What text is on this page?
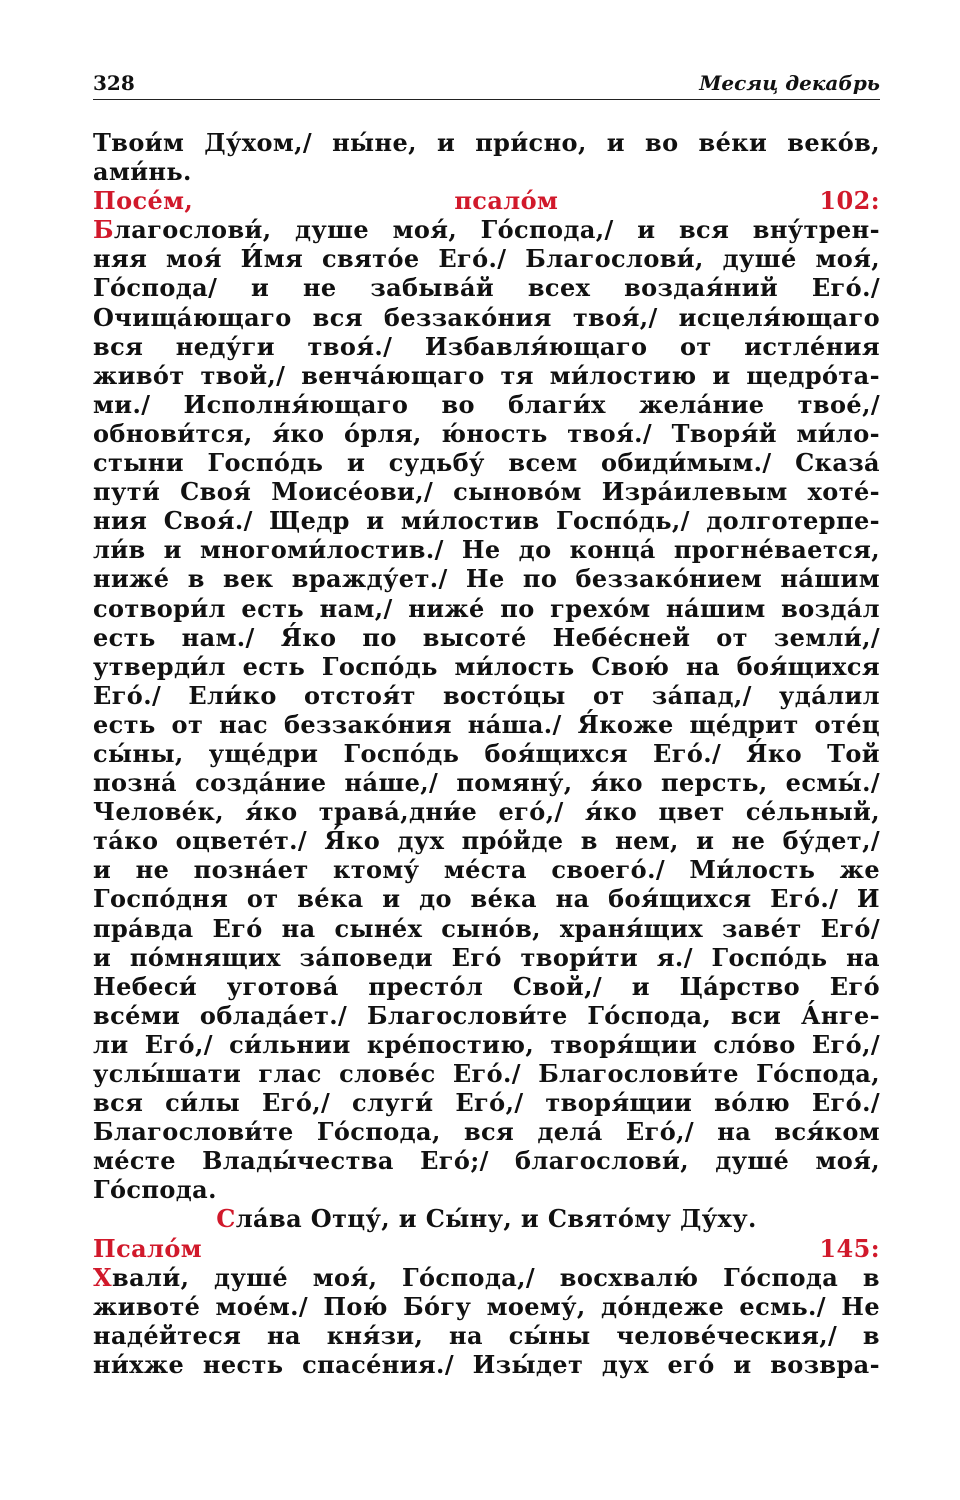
328	Месяц декабрь
Твои́м Ду́хом,/ ны́не, и при́сно, и во ве́ки веко́в,
ами́нь.
Посе́м, псало́м 102:
Благослови́, душе моя́, Го́спода,/ и вся вну́трен-
няя моя́ И́мя свято́е Его́./ Благослови́, душе́ моя́,
Го́спода/ и не забыва́й всех воздая́ний Его́./
Очища́ющаго вся беззако́ния твоя́,/ исцеля́ющаго
вся неду́ги твоя́./ Избавля́ющаго от истле́ния
живо́т твой,/ венча́ющаго тя ми́лостию и щедро́та-
ми./ Исполня́ющаго во благи́х жела́ние твое́,/
обнови́тся, я́ко о́рля, ю́ность твоя́./ Творя́й ми́ло-
стыни Госпо́дь и судьбу́ всем обиди́мым./ Сказа́
пути́ Своя́ Моисе́ови,/ сыново́м Изра́илевым хоте́-
ния Своя́./ Щедр и ми́лостив Госпо́дь,/ долготерпе-
ли́в и многоми́лостив./ Не до конца́ прогне́вается,
ниже́ в век вражду́ет./ Не по беззако́нием на́шим
сотвори́л есть нам,/ ниже́ по грехо́м на́шим возда́л
есть нам./ Я́ко по высоте́ Небе́сней от земли́,/
утверди́л есть Госпо́дь ми́лость Свою́ на боя́щихся
Его́./ Ели́ко отстоя́т восто́цы от за́пад,/ уда́лил
есть от нас беззако́ния на́ша./ Я́коже ще́дрит оте́ц
сы́ны, уще́дри Госпо́дь боя́щихся Его́./ Я́ко Той
позна́ созда́ние на́ше,/ помяну́, я́ко персть, есмы́./
Челове́к, я́ко трава́,дни́е его́,/ я́ко цвет се́льный,
та́ко оцвете́т./ Я́ко дух про́йде в нем, и не бу́дет,/
и не позна́ет ктому́ ме́ста своего́./ Ми́лость же
Госпо́дня от ве́ка и до ве́ка на боя́щихся Его́./ И
пра́вда Его́ на сыне́х сыно́в, храня́щих заве́т Его́/
и по́мнящих за́поведи Его́ твори́ти я./ Госпо́дь на
Небеси́ уготова́ престо́л Свой,/ и Ца́рство Его́
все́ми облада́ет./ Благослови́те Го́спода, вси А́нге-
ли Его́,/ си́льнии кре́постию, творя́щии сло́во Его́,/
услы́шати глас слове́с Его́./ Благослови́те Го́спода,
вся си́лы Его́,/ слуги́ Его́,/ творя́щии во́лю Его́./
Благослови́те Го́спода, вся дела́ Его́,/ на вся́ком
ме́сте Влады́чества Его́;/ благослови́, душе́ моя́,
Го́спода.
Сла́ва Отцу́, и Сы́ну, и Свято́му Ду́ху.
Псало́м 145:
Хвали́, душе́ моя́, Го́спода,/ восхвалю́ Го́спода в
животе́ мое́м./ Пою́ Бо́гу моему́, до́ндеже есмь./ Не
наде́йтеся на кня́зи, на сы́ны челове́ческия,/ в
ни́хже несть спасе́ния./ Изы́дет дух его́ и возвра-
